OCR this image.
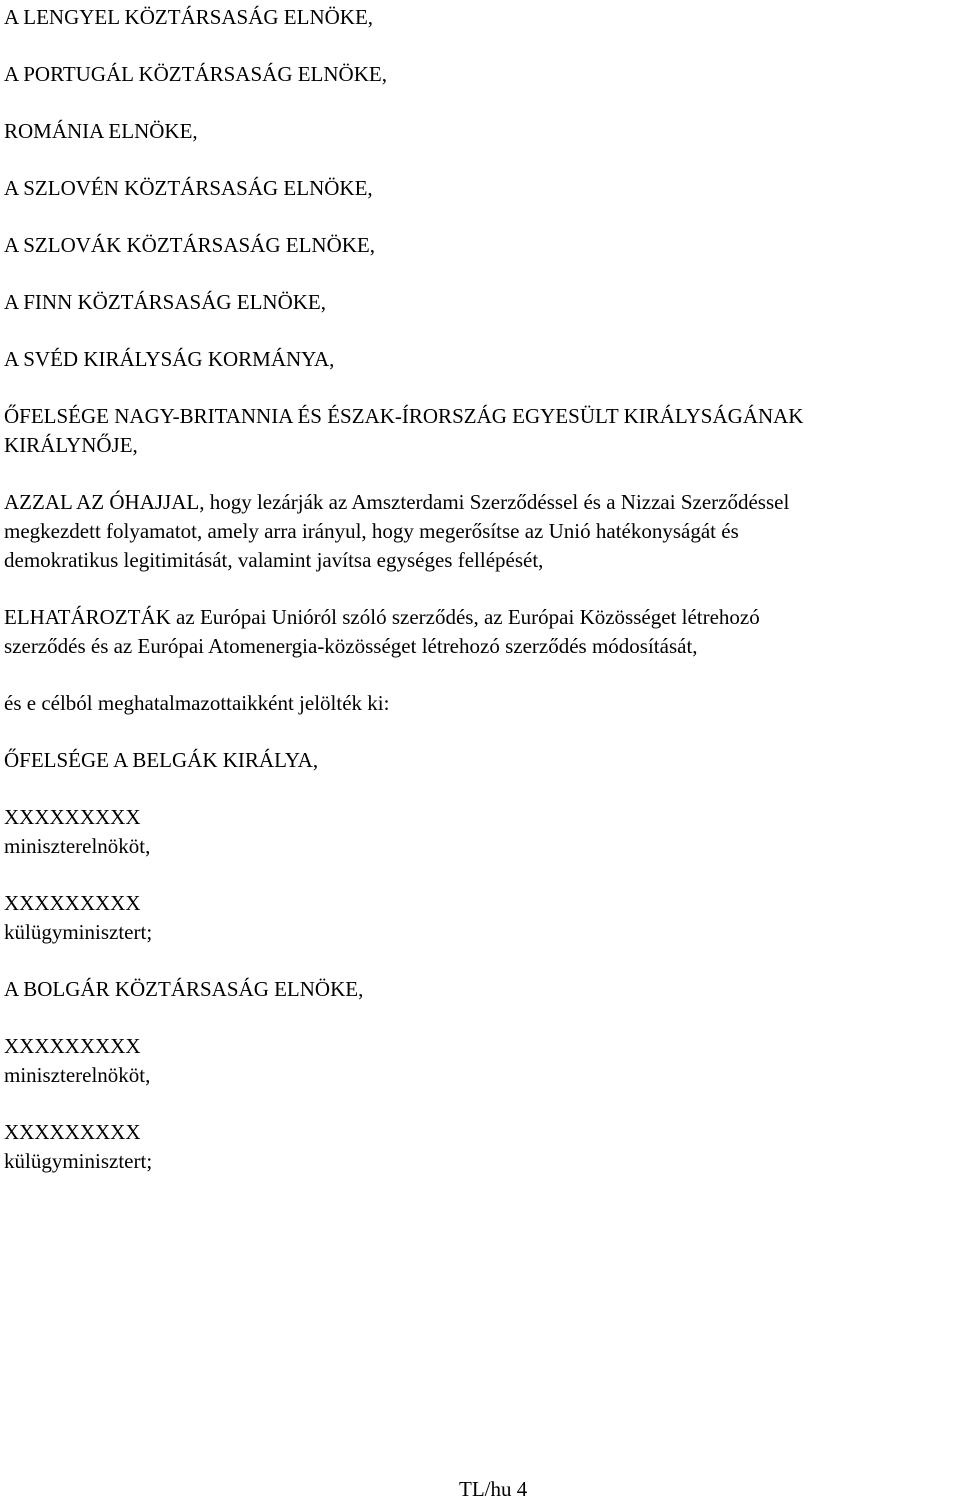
A LENGYEL KÖZTÁRSASÁG ELNÖKE,
A PORTUGÁL KÖZTÁRSASÁG ELNÖKE,
ROMÁNIA ELNÖKE,
A SZLOVÉN KÖZTÁRSASÁG ELNÖKE,
A SZLOVÁK KÖZTÁRSASÁG ELNÖKE,
A FINN KÖZTÁRSASÁG ELNÖKE,
A SVÉD KIRÁLYSÁG KORMÁNYA,
ŐFELSÉGE NAGY-BRITANNIA ÉS ÉSZAK-ÍRORSZÁG EGYESÜLT KIRÁLYSÁGÁNAK
KIRÁLYNŐJE,
AZZAL AZ ÓHAJJAL, hogy lezárják az Amszterdami Szerződéssel és a Nizzai Szerződéssel
megkezdett folyamatot, amely arra irányul, hogy megerősítse az Unió hatékonyságát és
demokratikus legitimitását, valamint javítsa egységes fellépését,
ELHATÁROZTÁK az Európai Unióról szóló szerződés, az Európai Közösséget létrehozó
szerződés és az Európai Atomenergia-közösséget létrehozó szerződés módosítását,
és e célból meghatalmazottaikként jelölték ki:
ŐFELSÉGE A BELGÁK KIRÁLYA,
XXXXXXXXX
miniszterelnököt,
XXXXXXXXX
külügyminisztert;
A BOLGÁR KÖZTÁRSASÁG ELNÖKE,
XXXXXXXXX
miniszterelnököt,
XXXXXXXXX
külügyminisztert;
TL/hu 4
